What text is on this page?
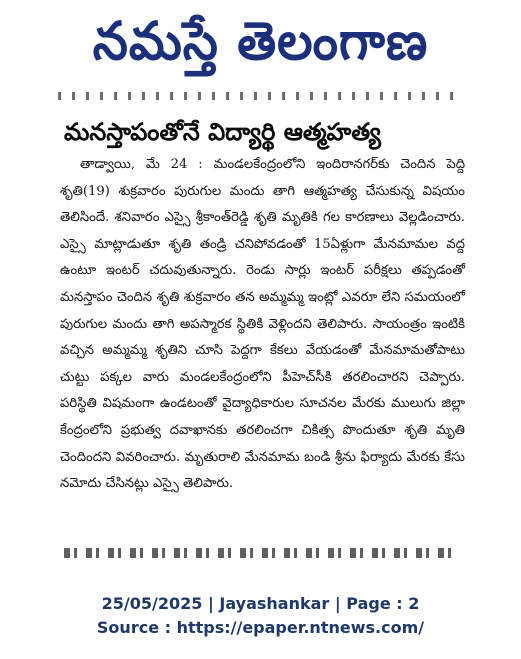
నమస్తే తెలంగాణ
మనస్తాపంతోనే విద్యార్థి ఆత్మహత్య

తాడ్వాయి, మే 24 : మండలకేంద్రంలోని ఇందిరానగర్‌కు చెందిన పెద్ది శృతి(19) శుక్రవారం పురుగుల మందు తాగి ఆత్మహత్య చేసుకున్న విషయం తెలిసిందే. శనివారం ఎస్సై శ్రీకాంత్‌రెడ్డి శృతి మృతికి గల కారణాలు వెల్లడించారు. ఎస్సై మాట్లాడుతూ శృతి తండ్రి చనిపోవడంతో 15ఏళ్లుగా మేనమామల వద్ద ఉంటూ ఇంటర్ చదువుతున్నారు. రెండు సార్లు ఇంటర్ పరీక్షలు తప్పడంతో మనస్తాపం చెందిన శృతి శుక్రవారం తన అమ్మమ్మ ఇంట్లో ఎవరూ లేని సమయంలో పురుగుల మందు తాగి అపస్మారక స్థితికి వెళ్లిందని తెలిపారు. సాయంత్రం ఇంటికి వచ్చిన అమ్మమ్మ శృతిని చూసి పెద్దగా కేకలు వేయడంతో మేనమామతోపాటు చుట్టు పక్కల వారు మండలకేంద్రంలోని పీహెచ్‌సీకి తరలించారని చెప్పారు. పరిస్థితి విషమంగా ఉండటంతో వైద్యాధికారుల సూచనల మేరకు ములుగు జిల్లా కేంద్రంలోని ప్రభుత్వ దవాఖానకు తరలించగా చికిత్స పొందుతూ శృతి మృతి చెందిందని వివరించారు. మృతురాలి మేనమామ బండి శ్రీను ఫిర్యాదు మేరకు కేసు నమోదు చేసినట్లు ఎస్సై తెలిపారు.

25/05/2025 | Jayashankar | Page : 2
Source : https://epaper.ntnews.com/
